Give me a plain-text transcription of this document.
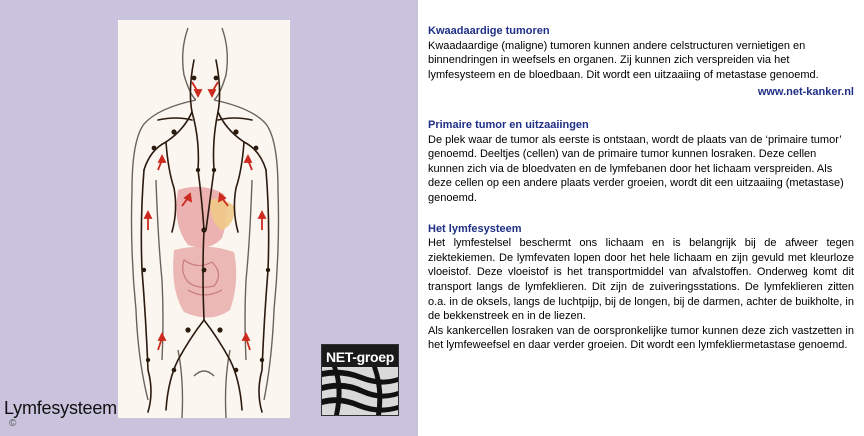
Lymfesysteem
©
NET-groep

Kwaadaardige tumoren

Kwaadaardige (maligne) tumoren kunnen andere celstructuren vernietigen en binnendringen in weefsels en organen. Zij kunnen zich verspreiden via het lymfesysteem en de bloedbaan. Dit wordt een uitzaaiing of metastase genoemd.

www.net-kanker.nl

Primaire tumor en uitzaaiingen

De plek waar de tumor als eerste is ontstaan, wordt de plaats van de ‘primaire tumor’ genoemd. Deeltjes (cellen) van de primaire tumor kunnen losraken. Deze cellen kunnen zich via de bloedvaten en de lymfebanen door het lichaam verspreiden. Als deze cellen op een andere plaats verder groeien, wordt dit een uitzaaiing (metastase) genoemd.

Het lymfesysteem

Het lymfestelsel beschermt ons lichaam en is belangrijk bij de afweer tegen ziektekiemen. De lymfevaten lopen door het hele lichaam en zijn gevuld met kleurloze vloeistof. Deze vloeistof is het transportmiddel van afvalstoffen. Onderweg komt dit transport langs de lymfeklieren. Dit zijn de zuiveringsstations. De lymfeklieren zitten o.a. in de oksels, langs de luchtpijp, bij de longen, bij de darmen, achter de buikholte, in de bekkenstreek en in de liezen.

Als kankercellen losraken van de oorspronkelijke tumor kunnen deze zich vastzetten in het lymfeweefsel en daar verder groeien. Dit wordt een lymfekliermetastase genoemd.
